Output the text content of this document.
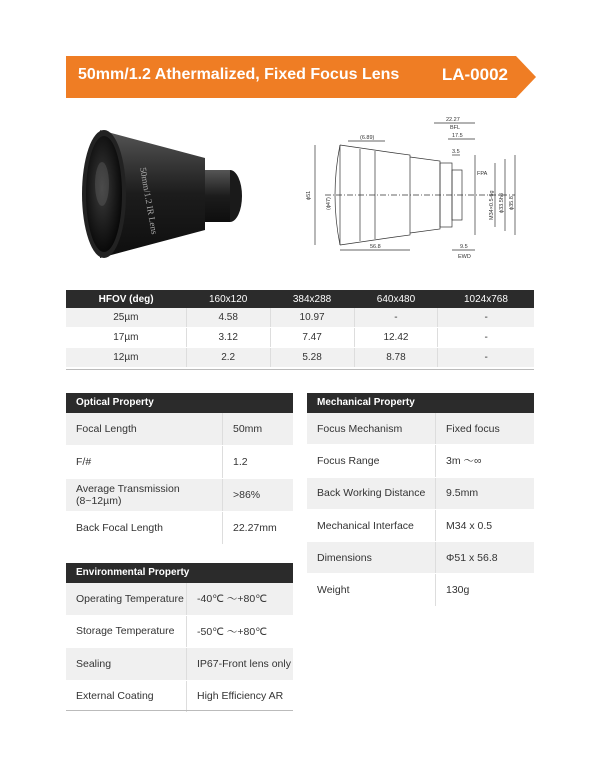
50mm/1.2 Athermalized, Fixed Focus Lens	LA-0002
50mm/1.2 IR Lens
22.27
BFL
17.5
3.5
(6.89)
FPA
ϕ51
(ϕ47)	M34×0.5-6g ϕ33.5h8 ϕ35.8
56.8	9.5
EWD
HFOV (deg)	160x120	384x288	640x480	1024x768
25µm	4.58	10.97	-	-
17µm	3.12	7.47	12.42	-
12µm	2.2	5.28	8.78	-
Optical Property
Focal Length	50mm
F/#	1.2
Average Transmission (8~12µm)	>86%
Back Focal Length	22.27mm
Mechanical Property
Focus Mechanism	Fixed focus
Focus Range	3m ～∞
Back Working Distance	9.5mm
Mechanical Interface	M34 x 0.5
Dimensions	Φ51 x 56.8
Weight	130g
Environmental Property
Operating Temperature	-40℃ ～+80℃
Storage Temperature	-50℃ ～+80℃
Sealing	IP67-Front lens only
External Coating	High Efficiency AR
